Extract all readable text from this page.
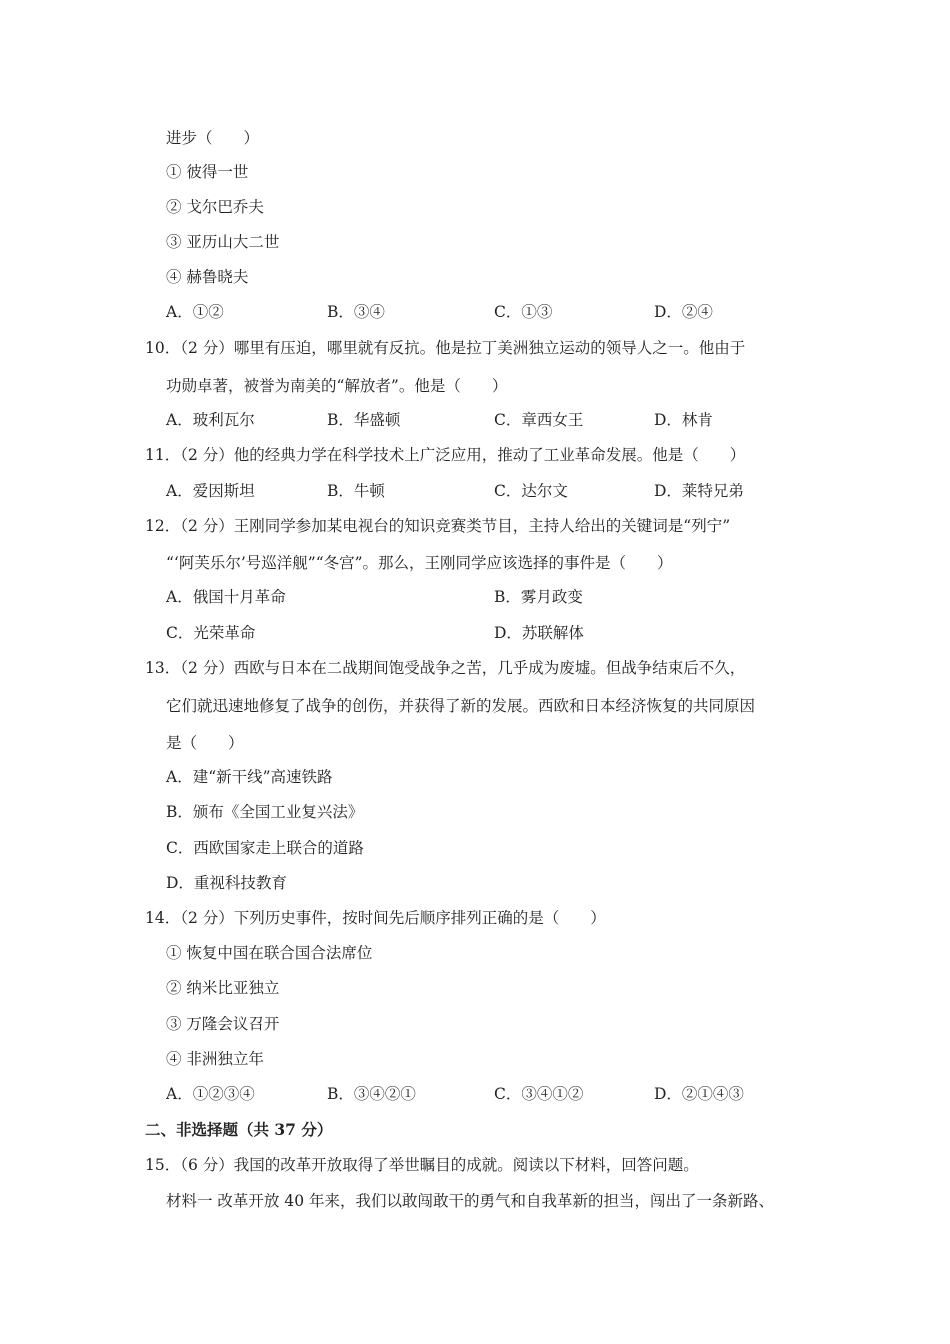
进步（　　）
① 彼得一世
② 戈尔巴乔夫
③ 亚历山大二世
④ 赫鲁晓夫
A．①②	B．③④	C．①③	D．②④
10．（2 分）哪里有压迫，哪里就有反抗。他是拉丁美洲独立运动的领导人之一。他由于
功勋卓著，被誉为南美的“解放者”。他是（　　）
A．玻利瓦尔	B．华盛顿	C．章西女王	D．林肯
11．（2 分）他的经典力学在科学技术上广泛应用，推动了工业革命发展。他是（　　）
A．爱因斯坦	B．牛顿	C．达尔文	D．莱特兄弟
12．（2 分）王刚同学参加某电视台的知识竞赛类节目，主持人给出的关键词是“列宁”
“‘阿芙乐尔’号巡洋舰”“冬宫”。那么，王刚同学应该选择的事件是（　　）
A．俄国十月革命	B．雾月政变
C．光荣革命	D．苏联解体
13．（2 分）西欧与日本在二战期间饱受战争之苦，几乎成为废墟。但战争结束后不久，
它们就迅速地修复了战争的创伤，并获得了新的发展。西欧和日本经济恢复的共同原因
是（　　）
A．建“新干线”高速铁路
B．颁布《全国工业复兴法》
C．西欧国家走上联合的道路
D．重视科技教育
14．（2 分）下列历史事件，按时间先后顺序排列正确的是（　　）
① 恢复中国在联合国合法席位
② 纳米比亚独立
③ 万隆会议召开
④ 非洲独立年
A．①②③④	B．③④②①	C．③④①②	D．②①④③
二、非选择题（共 37 分）
15．（6 分）我国的改革开放取得了举世瞩目的成就。阅读以下材料，回答问题。
材料一 改革开放 40 年来，我们以敢闯敢干的勇气和自我革新的担当，闯出了一条新路、
